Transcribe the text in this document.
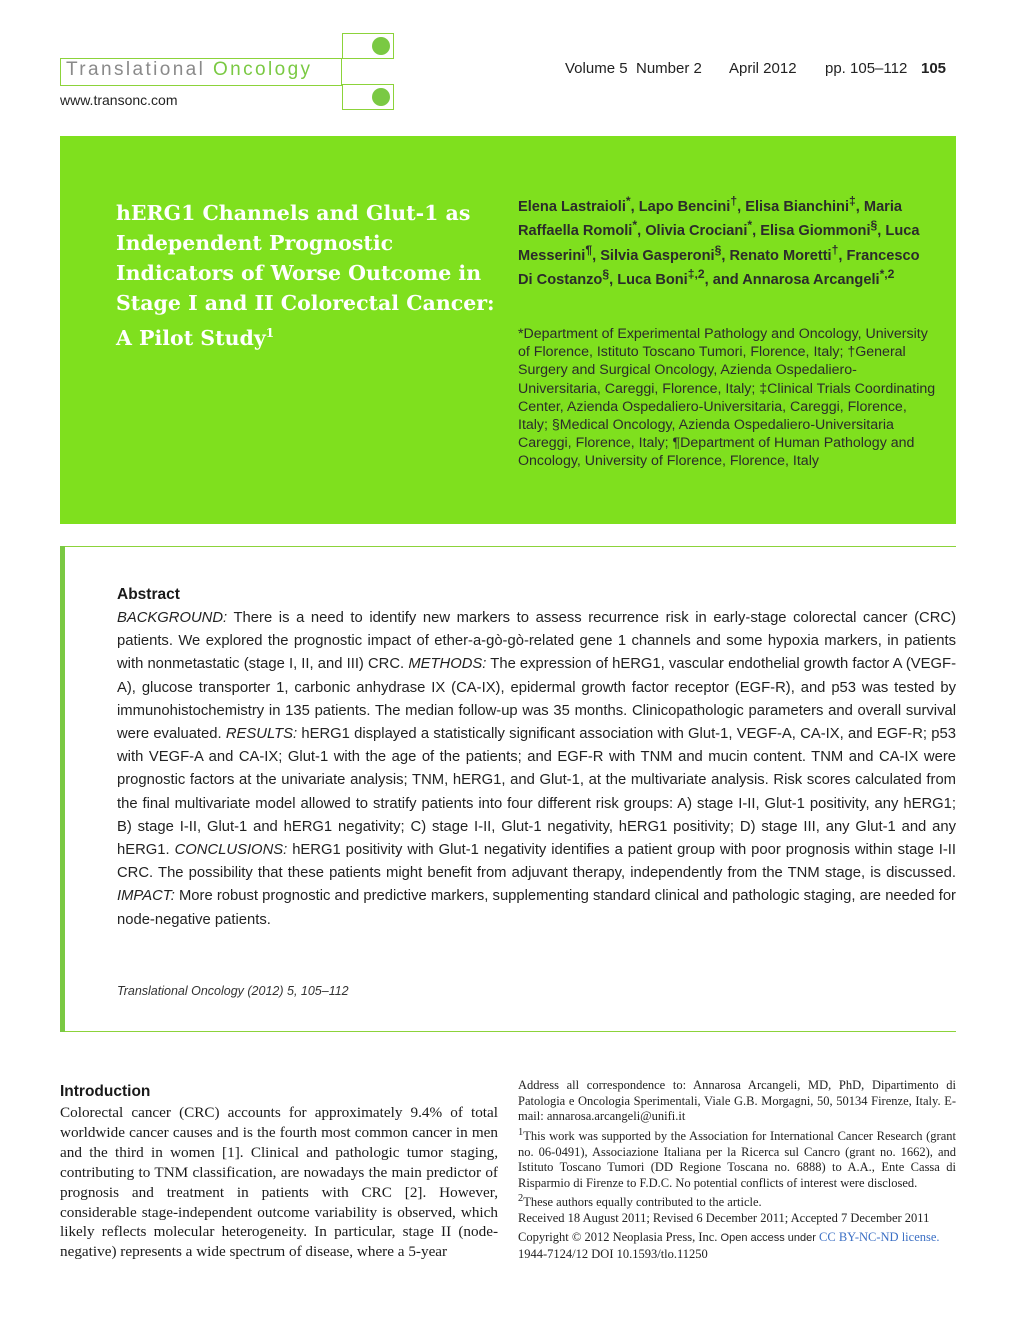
Translational Oncology
www.transonc.com
Volume 5 Number 2 April 2012 pp. 105–112 105
hERG1 Channels and Glut-1 as Independent Prognostic Indicators of Worse Outcome in Stage I and II Colorectal Cancer: A Pilot Study$^1$
Elena Lastraioli*, Lapo Bencini†, Elisa Bianchini‡, Maria Raffaella Romoli*, Olivia Crociani*, Elisa Giommoni§, Luca Messerini¶, Silvia Gasperoni§, Renato Moretti†, Francesco Di Costanzo§, Luca Boni$^{\ddagger,2}$, and Annarosa Arcangeli$^{*,2}$
*Department of Experimental Pathology and Oncology, University of Florence, Istituto Toscano Tumori, Florence, Italy; †General Surgery and Surgical Oncology, Azienda Ospedaliero-Universitaria, Careggi, Florence, Italy; ‡Clinical Trials Coordinating Center, Azienda Ospedaliero-Universitaria, Careggi, Florence, Italy; §Medical Oncology, Azienda Ospedaliero-Universitaria Careggi, Florence, Italy; ¶Department of Human Pathology and Oncology, University of Florence, Florence, Italy
Abstract
BACKGROUND: There is a need to identify new markers to assess recurrence risk in early-stage colorectal cancer (CRC) patients. We explored the prognostic impact of ether-a-gò-gò-related gene 1 channels and some hypoxia markers, in patients with nonmetastatic (stage I, II, and III) CRC. METHODS: The expression of hERG1, vascular endothelial growth factor A (VEGF-A), glucose transporter 1, carbonic anhydrase IX (CA-IX), epidermal growth factor receptor (EGF-R), and p53 was tested by immunohistochemistry in 135 patients. The median follow-up was 35 months. Clinicopathologic parameters and overall survival were evaluated. RESULTS: hERG1 displayed a statistically significant association with Glut-1, VEGF-A, CA-IX, and EGF-R; p53 with VEGF-A and CA-IX; Glut-1 with the age of the patients; and EGF-R with TNM and mucin content. TNM and CA-IX were prognostic factors at the univariate analysis; TNM, hERG1, and Glut-1, at the multivariate analysis. Risk scores calculated from the final multivariate model allowed to stratify patients into four different risk groups: A) stage I-II, Glut-1 positivity, any hERG1; B) stage I-II, Glut-1 and hERG1 negativity; C) stage I-II, Glut-1 negativity, hERG1 positivity; D) stage III, any Glut-1 and any hERG1. CONCLUSIONS: hERG1 positivity with Glut-1 negativity identifies a patient group with poor prognosis within stage I-II CRC. The possibility that these patients might benefit from adjuvant therapy, independently from the TNM stage, is discussed. IMPACT: More robust prognostic and predictive markers, supplementing standard clinical and pathologic staging, are needed for node-negative patients.
Translational Oncology (2012) 5, 105–112
Introduction
Colorectal cancer (CRC) accounts for approximately 9.4% of total worldwide cancer causes and is the fourth most common cancer in men and the third in women [1]. Clinical and pathologic tumor staging, contributing to TNM classification, are nowadays the main predictor of prognosis and treatment in patients with CRC [2]. However, considerable stage-independent outcome variability is observed, which likely reflects molecular heterogeneity. In particular, stage II (node-negative) represents a wide spectrum of disease, where a 5-year

Address all correspondence to: Annarosa Arcangeli, MD, PhD, Dipartimento di Patologia e Oncologia Sperimentali, Viale G.B. Morgagni, 50, 50134 Firenze, Italy. E-mail: annarosa.arcangeli@unifi.it

$^1$This work was supported by the Association for International Cancer Research (grant no. 06-0491), Associazione Italiana per la Ricerca sul Cancro (grant no. 1662), and Istituto Toscano Tumori (DD Regione Toscana no. 6888) to A.A., Ente Cassa di Risparmio di Firenze to F.D.C. No potential conflicts of interest were disclosed.

$^2$These authors equally contributed to the article.

Received 18 August 2011; Revised 6 December 2011; Accepted 7 December 2011

Copyright © 2012 Neoplasia Press, Inc. Open access under CC BY-NC-ND license.
1944-7124/12 DOI 10.1593/tlo.11250
